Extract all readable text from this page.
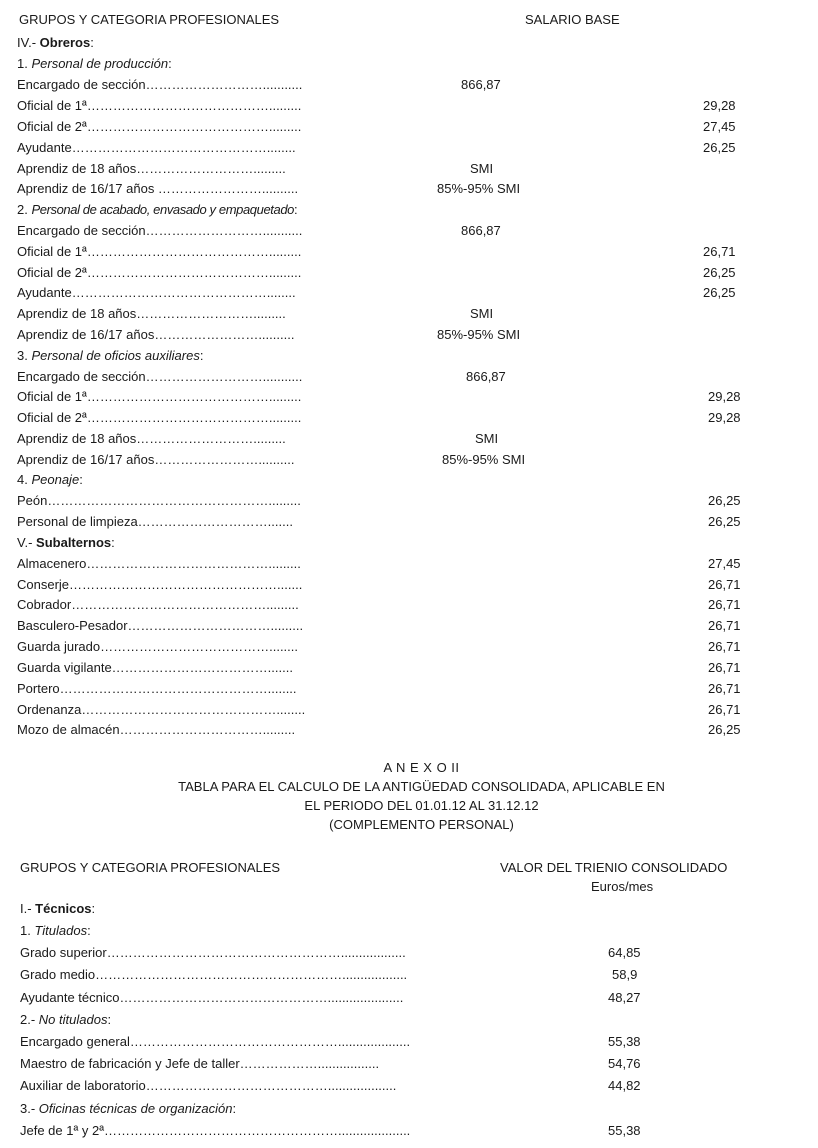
GRUPOS Y CATEGORIA PROFESIONALES	SALARIO BASE
IV.- Obreros:
1. Personal de producción:
Encargado de sección………………………...........	866,87
Oficial de 1ª…………………………………….........	29,28
Oficial de 2ª…………………………………….........	27,45
Ayudante………………………………………........	26,25
Aprendiz de 18 años……………………….........	SMI
Aprendiz de 16/17 años ……………………..........	85%-95% SMI
2. Personal de acabado, envasado y empaquetado:
Encargado de sección………………………...........	866,87
Oficial de 1ª…………………………………….........	26,71
Oficial de 2ª…………………………………….........	26,25
Ayudante………………………………………........	26,25
Aprendiz de 18 años……………………….........	SMI
Aprendiz de 16/17 años……………………..........	85%-95% SMI
3. Personal de oficios auxiliares:
Encargado de sección………………………...........	866,87
Oficial de 1ª…………………………………….........	29,28
Oficial de 2ª…………………………………….........	29,28
Aprendiz de 18 años……………………….........	SMI
Aprendiz de 16/17 años……………………..........	85%-95% SMI
4. Peonaje:
Peón…………………………………………….........	26,25
Personal de limpieza………………………….......	26,25
V.- Subalternos:
Almacenero…………………………………….........	27,45
Conserje………………………………………….......	26,71
Cobrador……………………………………….........	26,71
Basculero-Pesador…………………………….........	26,71
Guarda jurado…………………………………........	26,71
Guarda vigilante……………………………….......	26,71
Portero…………………………………………........	26,71
Ordenanza………………………………………........	26,71
Mozo de almacén…………………………….........	26,25
A N E X O II
TABLA PARA EL CALCULO DE LA ANTIGÜEDAD CONSOLIDADA, APLICABLE EN
EL PERIODO DEL 01.01.12 AL 31.12.12
(COMPLEMENTO PERSONAL)
GRUPOS Y CATEGORIA PROFESIONALES	VALOR DEL TRIENIO CONSOLIDADO
Euros/mes
I.- Técnicos:
1. Titulados:
Grado superior………………………………………………..................	64,85
Grado medio…………………………………………………..................	58,9
Ayudante técnico………………………………………….....................	48,27
2.- No titulados:
Encargado general…………………………………………....................	55,38
Maestro de fabricación y Jefe de taller……………….................	54,76
Auxiliar de laboratorio……………………………………...................	44,82
3.- Oficinas técnicas de organización:
Jefe de 1ª y 2ª………………………………………………....................	55,38
